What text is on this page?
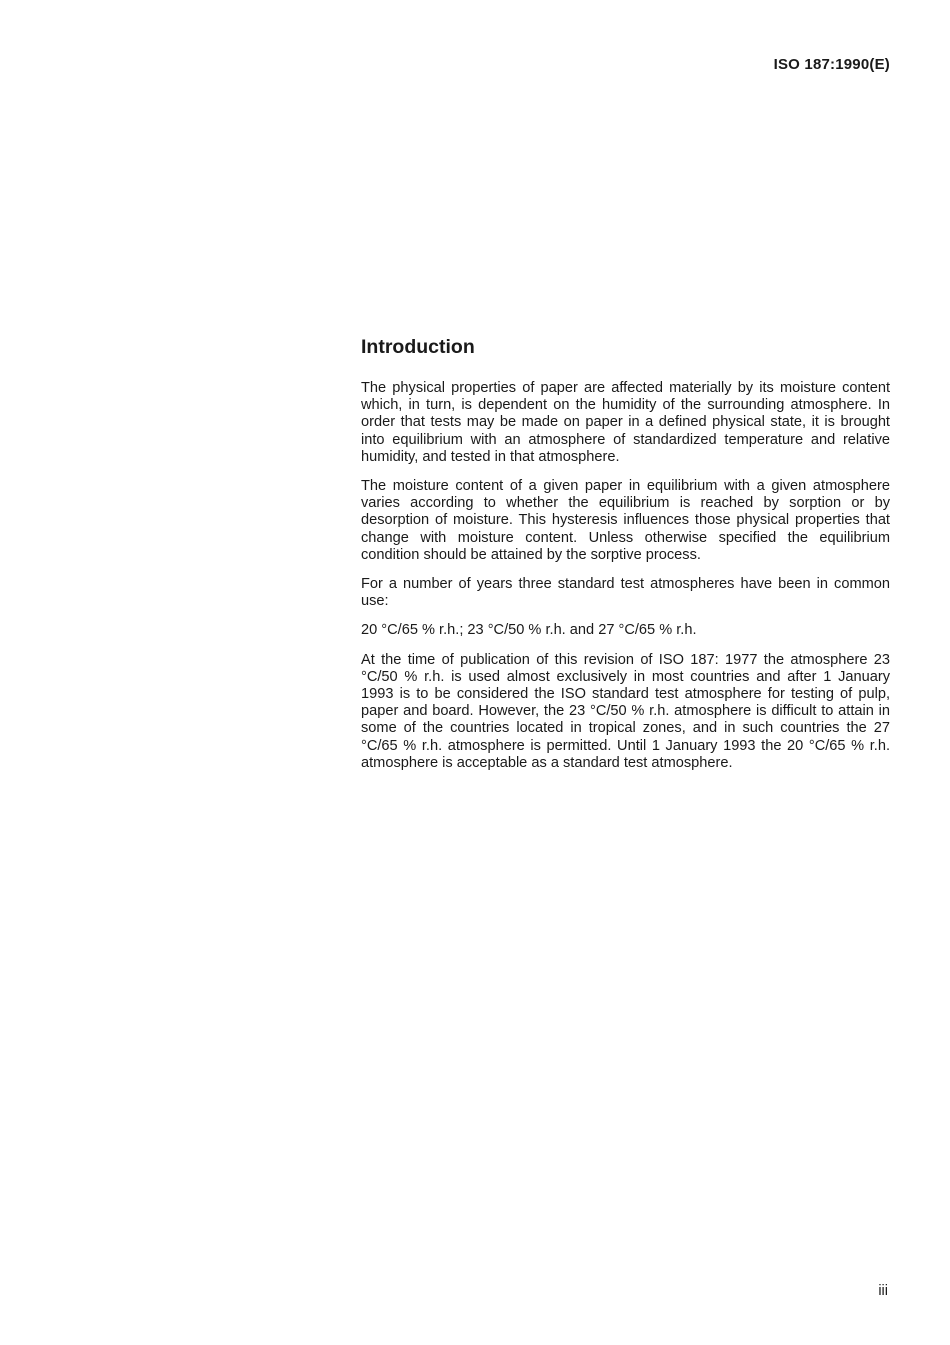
ISO 187:1990(E)
Introduction

The physical properties of paper are affected materially by its moisture content which, in turn, is dependent on the humidity of the surrounding atmosphere. In order that tests may be made on paper in a defined physical state, it is brought into equilibrium with an atmosphere of standardized temperature and relative humidity, and tested in that atmosphere.

The moisture content of a given paper in equilibrium with a given atmosphere varies according to whether the equilibrium is reached by sorption or by desorption of moisture. This hysteresis influences those physical properties that change with moisture content. Unless otherwise specified the equilibrium condition should be attained by the sorptive process.

For a number of years three standard test atmospheres have been in common use:

20 °C/65 % r.h.; 23 °C/50 % r.h. and 27 °C/65 % r.h.

At the time of publication of this revision of ISO 187: 1977 the atmosphere 23 °C/50 % r.h. is used almost exclusively in most countries and after 1 January 1993 is to be considered the ISO standard test atmosphere for testing of pulp, paper and board. However, the 23 °C/50 % r.h. atmosphere is difficult to attain in some of the countries located in tropical zones, and in such countries the 27 °C/65 % r.h. atmosphere is permitted. Until 1 January 1993 the 20 °C/65 % r.h. atmosphere is acceptable as a standard test atmosphere.

iii
